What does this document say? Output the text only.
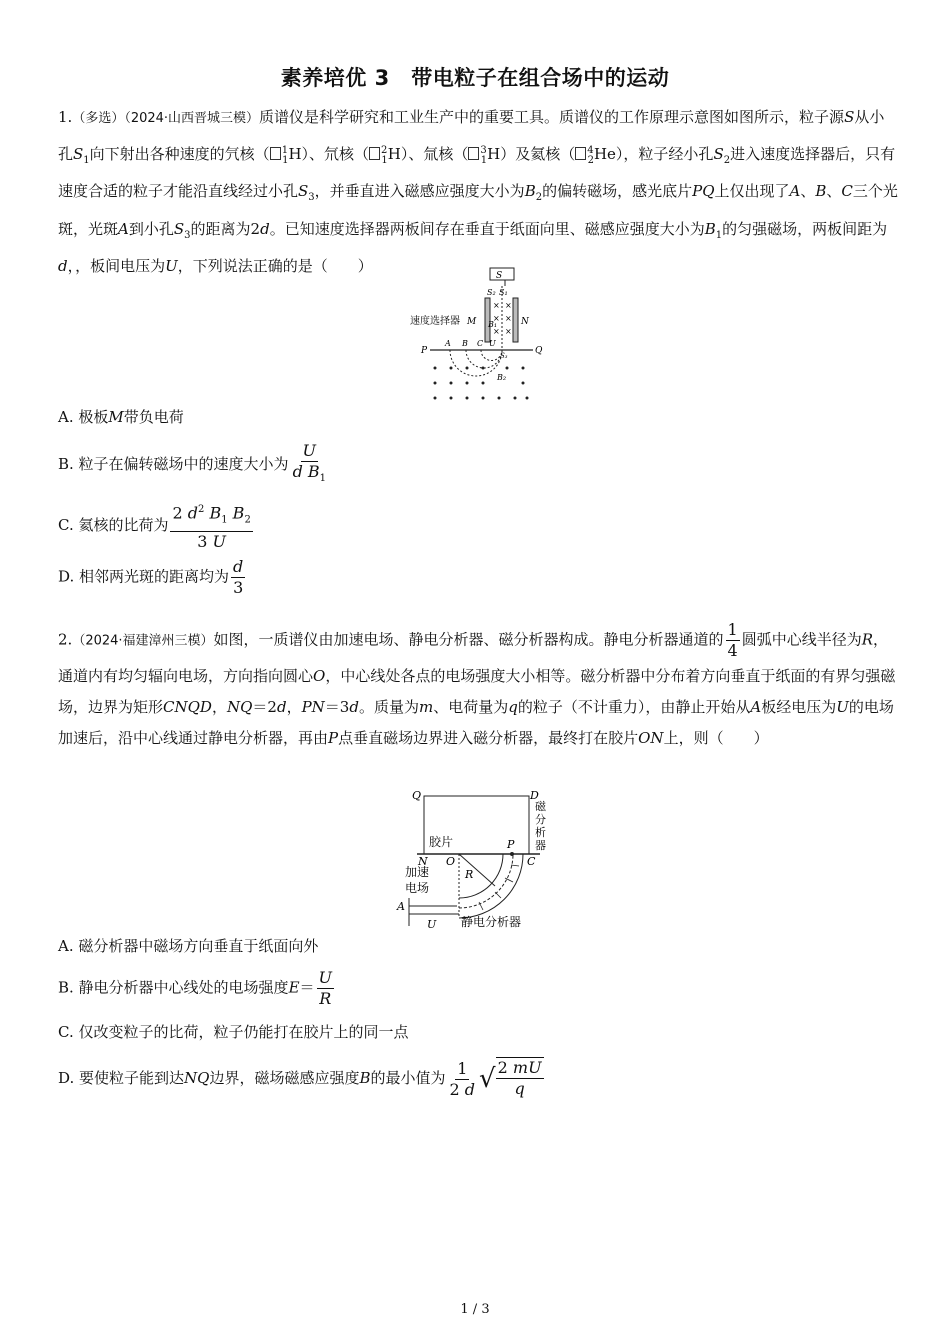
素养培优 3　带电粒子在组合场中的运动
1.（多选）（2024·山西晋城三模）质谱仪是科学研究和工业生产中的重要工具。质谱仪的工作原理示意图如图所示，粒子源S从小孔$S_1$向下射出各种速度的氕核（ $^1_1$H）、氘核（ $^2_1$H）、氚核（ $^3_1$H）及氦核（ $^4_2$He），粒子经小孔$S_2$进入速度选择器后，只有速度合适的粒子才能沿直线经过小孔$S_3$，并垂直进入磁感应强度大小为$B_2$的偏转磁场，感光底片PQ上仅出现了A、B、C三个光斑，光斑A到小孔$S_3$的距离为2d。已知速度选择器两板间存在垂直于纸面向里、磁感应强度大小为$B_1$的匀强磁场，两板间距为d，，板间电压为U，下列说法正确的是（　　）
S
S₁
S₂
× ×
× ×
× ×
B₁
速度选择器 M	N
U
P	Q
A B C
S₃
B₂
A. 极板M带负电荷
B. 粒子在偏转磁场中的速度大小为 $\frac{U}{d B_1}$
C. 氦核的比荷为 $\frac{2 d^2 B_1 B_2}{3 U}$
D. 相邻两光斑的距离均为 $\frac{d}{3}$
2.（2024·福建漳州三模）如图，一质谱仪由加速电场、静电分析器、磁分析器构成。静电分析器通道的 $\frac{1}{4}$ 圆弧中心线半径为R，通道内有均匀辐向电场，方向指向圆心O，中心线处各点的电场强度大小相等。磁分析器中分布着方向垂直于纸面的有界匀强磁场，边界为矩形CNQD，NQ＝2d，PN＝3d。质量为m、电荷量为q的粒子（不计重力），由静止开始从A板经电压为U的电场加速后，沿中心线通过静电分析器，再由P点垂直磁场边界进入磁分析器，最终打在胶片ON上，则（　　）
Q	D
磁
分
析
器
胶片
N O
P
C
R
加 速
电 场
A
U 静电分析器
A. 磁分析器中磁场方向垂直于纸面向外
B. 静电分析器中心线处的电场强度$E= \frac{U}{R}$
C. 仅改变粒子的比荷，粒子仍能打在胶片上的同一点
D. 要使粒子能到达NQ边界，磁场磁感应强度B的最小值为 $\frac{1}{2 d}$ √ $\frac{2 mU}{q}$
1 / 3
